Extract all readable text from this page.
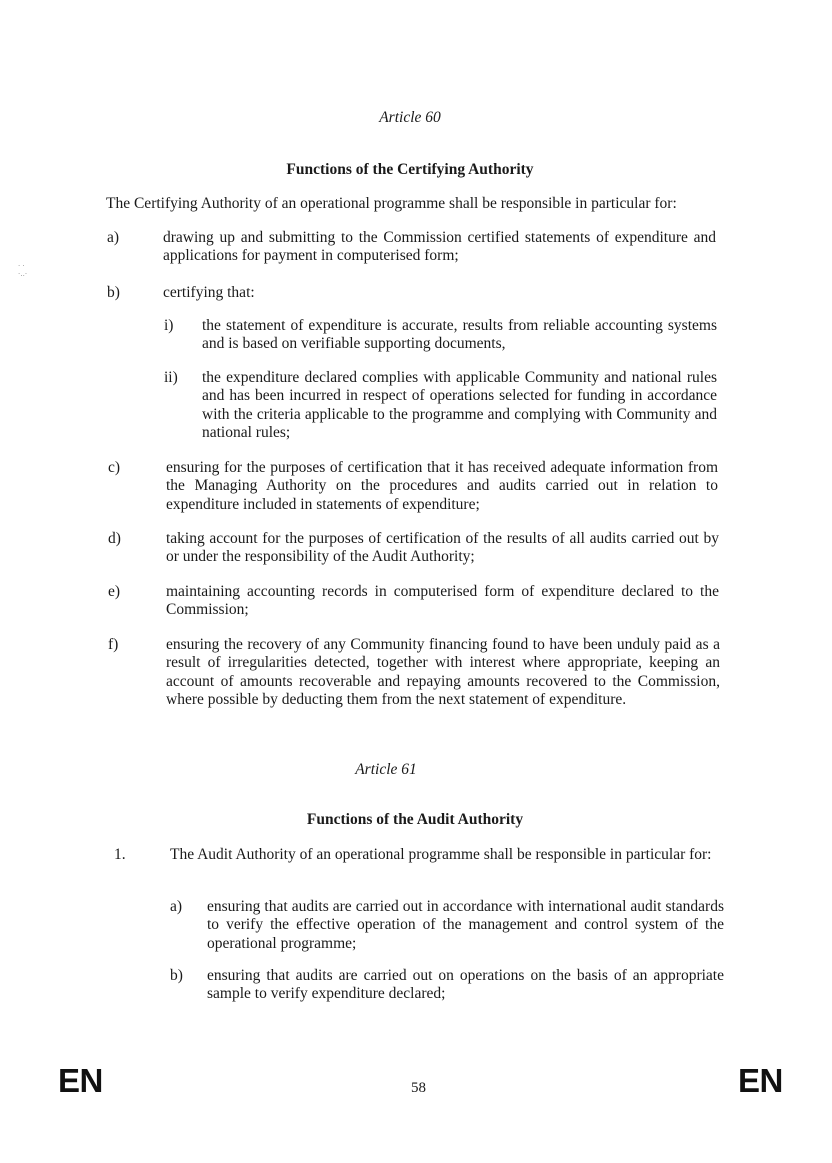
· ·
·‥·
Article 60
Functions of the Certifying Authority
The Certifying Authority of an operational programme shall be responsible in particular for:
a)	drawing up and submitting to the Commission certified statements of expenditure and applications for payment in computerised form;
b)	certifying that:
i) the statement of expenditure is accurate, results from reliable accounting systems and is based on verifiable supporting documents,
ii) the expenditure declared complies with applicable Community and national rules and has been incurred in respect of operations selected for funding in accordance with the criteria applicable to the programme and complying with Community and national rules;
c)	ensuring for the purposes of certification that it has received adequate information from the Managing Authority on the procedures and audits carried out in relation to expenditure included in statements of expenditure;
d)	taking account for the purposes of certification of the results of all audits carried out by or under the responsibility of the Audit Authority;
e)	maintaining accounting records in computerised form of expenditure declared to the Commission;
f)	ensuring the recovery of any Community financing found to have been unduly paid as a result of irregularities detected, together with interest where appropriate, keeping an account of amounts recoverable and repaying amounts recovered to the Commission, where possible by deducting them from the next statement of expenditure.
Article 61
Functions of the Audit Authority
1.	The Audit Authority of an operational programme shall be responsible in particular for:
a) ensuring that audits are carried out in accordance with international audit standards to verify the effective operation of the management and control system of the operational programme;
b) ensuring that audits are carried out on operations on the basis of an appropriate sample to verify expenditure declared;
EN	58	EN
